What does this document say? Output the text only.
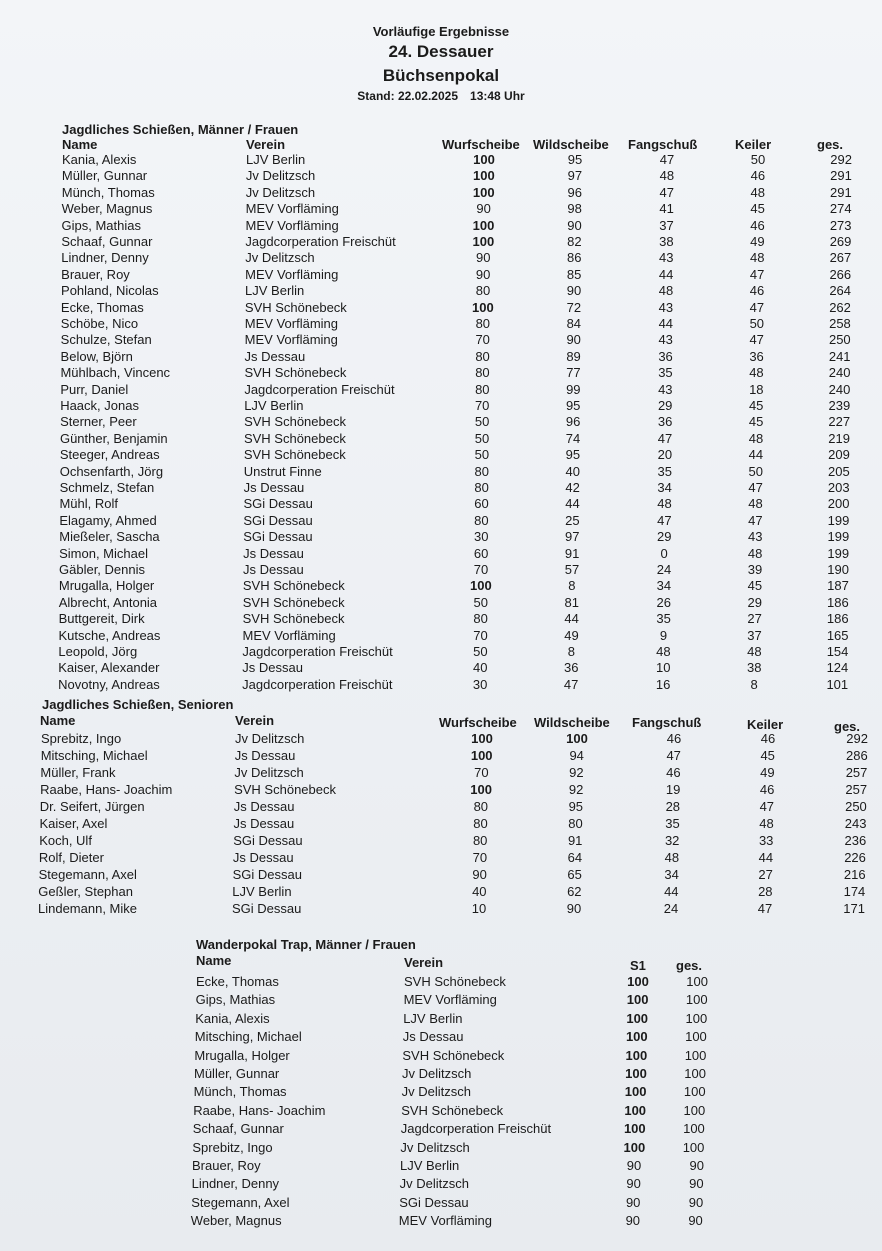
Vorläufige Ergebnisse
24. Dessauer
Büchsenpokal
Stand: 22.02.2025 13:48 Uhr
Jagdliches Schießen, Männer / Frauen
Name	Verein	Wurfscheibe Wildscheibe Fangschuß	Keiler	ges.
Kania, Alexis	LJV Berlin	100	95	47	50	292
Müller, Gunnar	Jv Delitzsch	100	97	48	46	291
Münch, Thomas	Jv Delitzsch	100	96	47	48	291
Weber, Magnus	MEV Vorfläming	90	98	41	45	274
Gips, Mathias	MEV Vorfläming	100	90	37	46	273
Schaaf, Gunnar	Jagdcorperation Freischüt	100	82	38	49	269
Lindner, Denny	Jv Delitzsch	90	86	43	48	267
Brauer, Roy	MEV Vorfläming	90	85	44	47	266
Pohland, Nicolas	LJV Berlin	80	90	48	46	264
Ecke, Thomas	SVH Schönebeck	100	72	43	47	262
Schöbe, Nico	MEV Vorfläming	80	84	44	50	258
Schulze, Stefan	MEV Vorfläming	70	90	43	47	250
Below, Björn	Js Dessau	80	89	36	36	241
Mühlbach, Vincenc	SVH Schönebeck	80	77	35	48	240
Purr, Daniel	Jagdcorperation Freischüt	80	99	43	18	240
Haack, Jonas	LJV Berlin	70	95	29	45	239
Sterner, Peer	SVH Schönebeck	50	96	36	45	227
Günther, Benjamin	SVH Schönebeck	50	74	47	48	219
Steeger, Andreas	SVH Schönebeck	50	95	20	44	209
Ochsenfarth, Jörg	Unstrut Finne	80	40	35	50	205
Schmelz, Stefan	Js Dessau	80	42	34	47	203
Mühl, Rolf	SGi Dessau	60	44	48	48	200
Elagamy, Ahmed	SGi Dessau	80	25	47	47	199
Mießeler, Sascha	SGi Dessau	30	97	29	43	199
Simon, Michael	Js Dessau	60	91	0	48	199
Gäbler, Dennis	Js Dessau	70	57	24	39	190
Mrugalla, Holger	SVH Schönebeck	100	8	34	45	187
Albrecht, Antonia	SVH Schönebeck	50	81	26	29	186
Buttgereit, Dirk	SVH Schönebeck	80	44	35	27	186
Kutsche, Andreas	MEV Vorfläming	70	49	9	37	165
Leopold, Jörg	Jagdcorperation Freischüt	50	8	48	48	154
Kaiser, Alexander	Js Dessau	40	36	10	38	124
Novotny, Andreas	Jagdcorperation Freischüt	30	47	16	8	101
Jagdliches Schießen, Senioren
Name	Verein	Wurfscheibe Wildscheibe Fangschuß	Keiler	ges.
Sprebitz, Ingo	Jv Delitzsch	100	100	46	46	292
Mitsching, Michael	Js Dessau	100	94	47	45	286
Müller, Frank	Jv Delitzsch	70	92	46	49	257
Raabe, Hans- Joachim	SVH Schönebeck	100	92	19	46	257
Dr. Seifert, Jürgen	Js Dessau	80	95	28	47	250
Kaiser, Axel	Js Dessau	80	80	35	48	243
Koch, Ulf	SGi Dessau	80	91	32	33	236
Rolf, Dieter	Js Dessau	70	64	48	44	226
Stegemann, Axel	SGi Dessau	90	65	34	27	216
Geßler, Stephan	LJV Berlin	40	62	44	28	174
Lindemann, Mike	SGi Dessau	10	90	24	47	171
Wanderpokal Trap, Männer / Frauen
Name	Verein	S1 ges.
Ecke, Thomas	SVH Schönebeck	100	100
Gips, Mathias	MEV Vorfläming	100	100
Kania, Alexis	LJV Berlin	100	100
Mitsching, Michael	Js Dessau	100	100
Mrugalla, Holger	SVH Schönebeck	100	100
Müller, Gunnar	Jv Delitzsch	100	100
Münch, Thomas	Jv Delitzsch	100	100
Raabe, Hans- Joachim	SVH Schönebeck	100	100
Schaaf, Gunnar	Jagdcorperation Freischüt	100	100
Sprebitz, Ingo	Jv Delitzsch	100	100
Brauer, Roy	LJV Berlin	90	90
Lindner, Denny	Jv Delitzsch	90	90
Stegemann, Axel	SGi Dessau	90	90
Weber, Magnus	MEV Vorfläming	90	90
